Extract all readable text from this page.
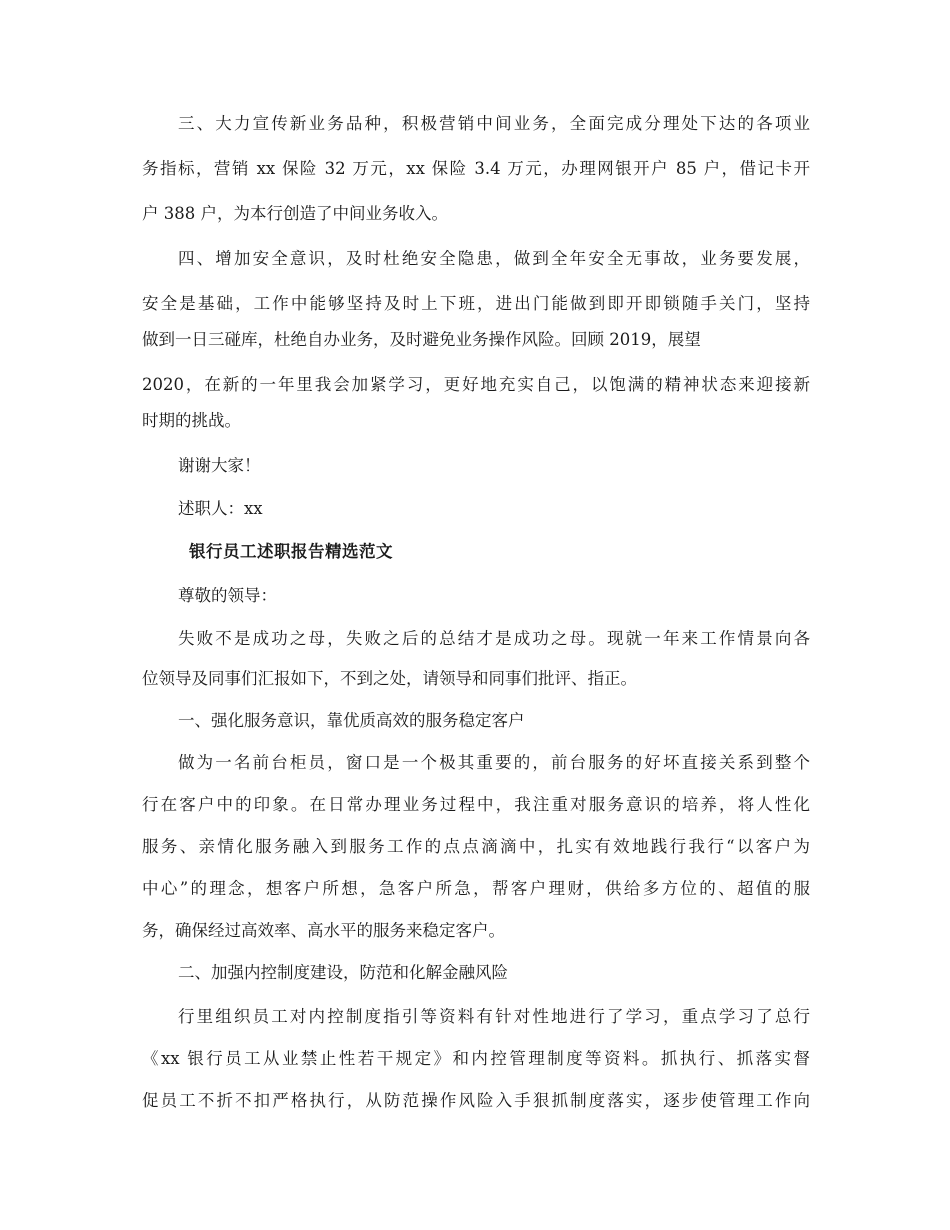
三、大力宣传新业务品种，积极营销中间业务，全面完成分理处下达的各项业
务指标，营销 xx 保险 32 万元，xx 保险 3.4 万元，办理网银开户 85 户，借记卡开
户 388 户，为本行创造了中间业务收入。
四、增加安全意识，及时杜绝安全隐患，做到全年安全无事故，业务要发展，
安全是基础，工作中能够坚持及时上下班，进出门能做到即开即锁随手关门，坚持
做到一日三碰库，杜绝自办业务，及时避免业务操作风险。回顾 2019，展望
2020，在新的一年里我会加紧学习，更好地充实自己，以饱满的精神状态来迎接新
时期的挑战。
谢谢大家！
述职人：xx
银行员工述职报告精选范文
尊敬的领导：
失败不是成功之母，失败之后的总结才是成功之母。现就一年来工作情景向各
位领导及同事们汇报如下，不到之处，请领导和同事们批评、指正。
一、强化服务意识，靠优质高效的服务稳定客户
做为一名前台柜员，窗口是一个极其重要的，前台服务的好坏直接关系到整个
行在客户中的印象。在日常办理业务过程中，我注重对服务意识的培养，将人性化
服务、亲情化服务融入到服务工作的点点滴滴中，扎实有效地践行我行“以客户为
中心”的理念，想客户所想，急客户所急，帮客户理财，供给多方位的、超值的服
务，确保经过高效率、高水平的服务来稳定客户。
二、加强内控制度建设，防范和化解金融风险
行里组织员工对内控制度指引等资料有针对性地进行了学习，重点学习了总行
《xx 银行员工从业禁止性若干规定》和内控管理制度等资料。抓执行、抓落实督
促员工不折不扣严格执行，从防范操作风险入手狠抓制度落实，逐步使管理工作向
